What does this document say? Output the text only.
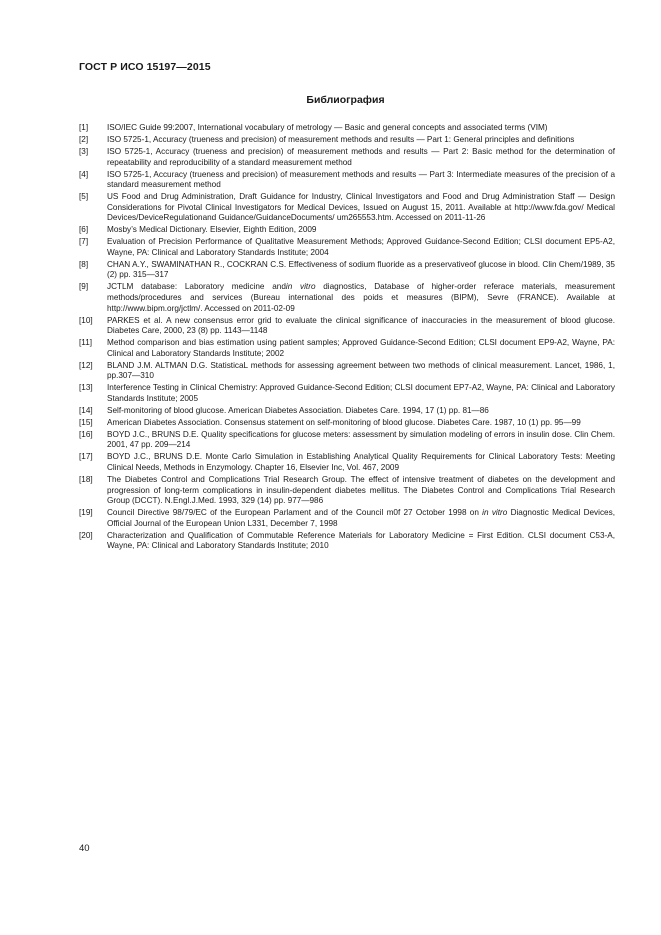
ГОСТ Р ИСО 15197—2015
Библиография
[1]	ISO/IEC Guide 99:2007, International vocabulary of metrology — Basic and general concepts and associated terms (VIM)
[2]	ISO 5725-1, Accuracy (trueness and precision) of measurement methods and results — Part 1: General principles and definitions
[3]	ISO 5725-1, Accuracy (trueness and precision) of measurement methods and results — Part 2: Basic method for the determination of repeatability and reproducibility of a standard measurement method
[4]	ISO 5725-1, Accuracy (trueness and precision) of measurement methods and results — Part 3: Intermediate measures of the precision of a standard measurement method
[5]	US Food and Drug Administration, Draft Guidance for Industry, Clinical Investigators and Food and Drug Administration Staff — Design Considerations for Pivotal Clinical Investigators for Medical Devices, Issued on August 15, 2011. Available at http://www.fda.gov/ Medical Devices/DeviceRegulationand Guidance/GuidanceDocuments/ um265553.htm. Accessed on 2011-11-26
[6]	Mosby’s Medical Dictionary. Elsevier, Eighth Edition, 2009
[7]	Evaluation of Precision Performance of Qualitative Measurement Methods; Approved Guidance-Second Edition; CLSI document EP5-A2, Wayne, PA: Clinical and Laboratory Standards Institute; 2004
[8]	CHAN A.Y., SWAMINATHAN R., COCKRAN C.S. Effectiveness of sodium fluoride as a preservativeof glucose in blood. Clin Chem/1989, 35 (2) pp. 315—317
[9]	JCTLM database: Laboratory medicine andin vitro diagnostics, Database of higher-order referace materials, measurement methods/procedures and services (Bureau international des poids et measures (BIPM), Sevre (FRANCE). Available at http://www.bipm.org/jctlm/. Accessed on 2011-02-09
[10]	PARKES et al. A new consensus error grid to evaluate the clinical significance of inaccuracies in the measurement of blood glucose. Diabetes Care, 2000, 23 (8) pp. 1143—1148
[11]	Method comparison and bias estimation using patient samples; Approved Guidance-Second Edition; CLSI document EP9-A2, Wayne, PA: Clinical and Laboratory Standards Institute; 2002
[12]	BLAND J.M. ALTMAN D.G. StatisticaL methods for assessing agreement between two methods of clinical measurement. Lancet, 1986, 1, pp.307—310
[13]	Interference Testing in Clinical Chemistry: Approved Guidance-Second Edition; CLSI document EP7-A2, Wayne, PA: Clinical and Laboratory Standards Institute; 2005
[14]	Self-monitoring of blood glucose. American Diabetes Association. Diabetes Care. 1994, 17 (1) pp. 81—86
[15]	American Diabetes Association. Consensus statement on self-monitoring of blood glucose. Diabetes Care. 1987, 10 (1) pp. 95—99
[16]	BOYD J.C., BRUNS D.E. Quality specifications for glucose meters: assessment by simulation modeling of errors in insulin dose. Clin Chem. 2001, 47 pp. 209—214
[17]	BOYD J.C., BRUNS D.E. Monte Carlo Simulation in Establishing Analytical Quality Requirements for Clinical Laboratory Tests: Meeting Clinical Needs, Methods in Enzymology. Chapter 16, Elsevier Inc, Vol. 467, 2009
[18]	The Diabetes Control and Complications Trial Research Group. The effect of intensive treatment of diabetes on the development and progression of long-term complications in insulin-dependent diabetes mellitus. The Diabetes Control and Complications Trial Research Group (DCCT). N.Engl.J.Med. 1993, 329 (14) pp. 977—986
[19]	Council Directive 98/79/EC of the European Parlament and of the Council m0f 27 October 1998 on in vitro Diagnostic Medical Devices, Official Journal of the European Union L331, December 7, 1998
[20]	Characterization and Qualification of Commutable Reference Materials for Laboratory Medicine = First Edition. CLSI document C53-A, Wayne, PA: Clinical and Laboratory Standards Institute; 2010
40
